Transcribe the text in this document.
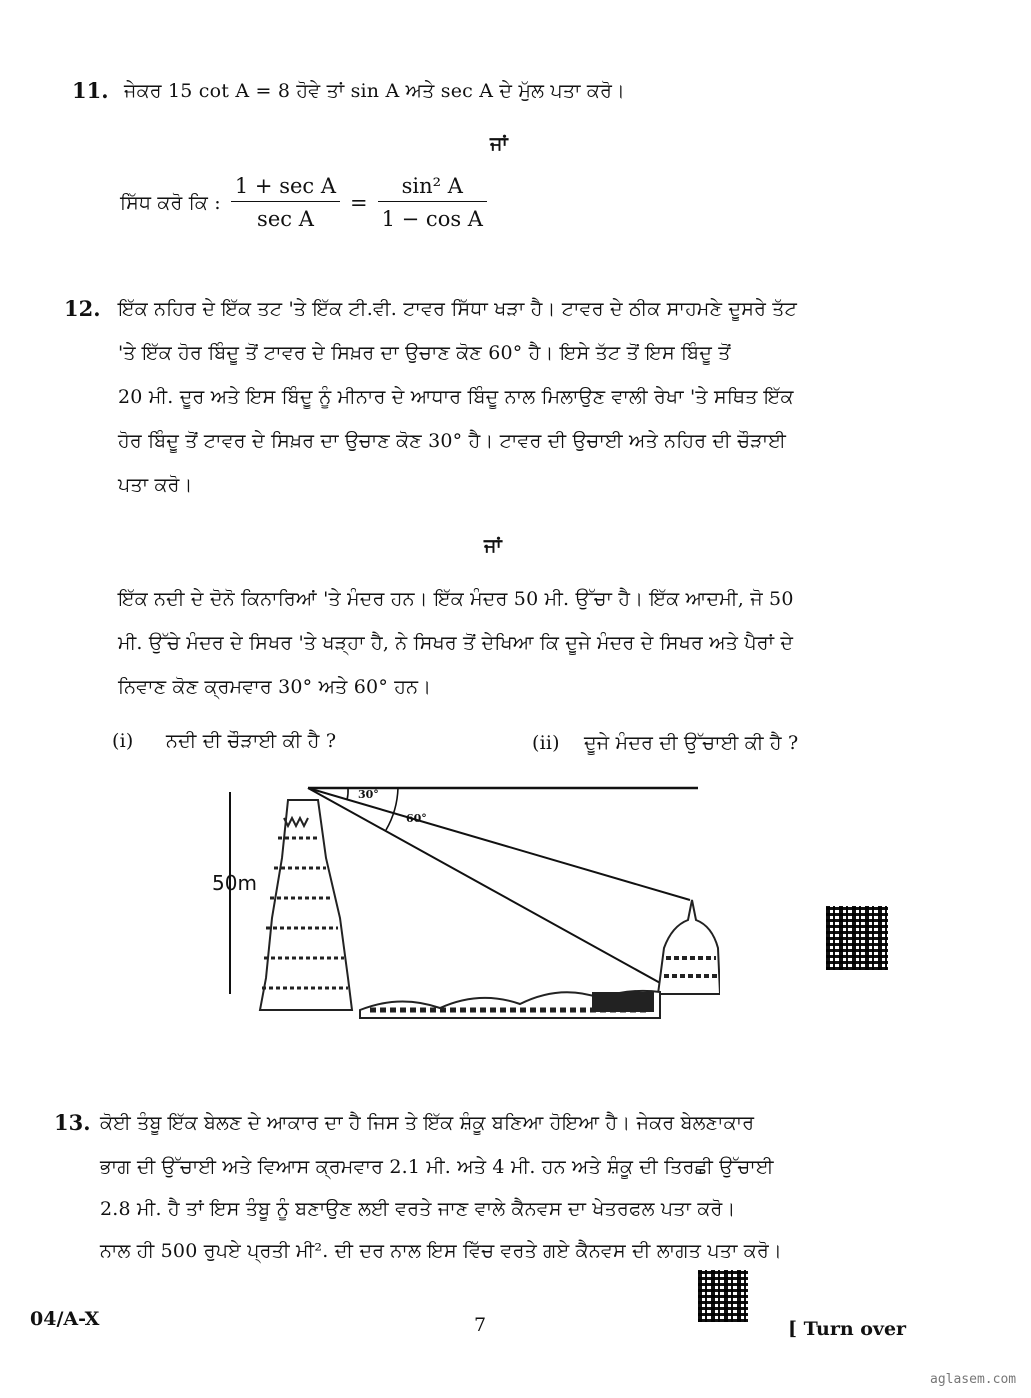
11. ਜੇਕਰ 15 cot A = 8 ਹੋਵੇ ਤਾਂ sin A ਅਤੇ sec A ਦੇ ਮੁੱਲ ਪਤਾ ਕਰੋ।
ਜਾਂ
ਸਿੱਧ ਕਰੋ ਕਿ : $\frac{\text{1 + sec A}}{\text{sec A}} = \frac{\text{sin² A}}{\text{1 − cos A}}$
12. ਇੱਕ ਨਹਿਰ ਦੇ ਇੱਕ ਤਟ 'ਤੇ ਇੱਕ ਟੀ.ਵੀ. ਟਾਵਰ ਸਿੱਧਾ ਖੜਾ ਹੈ। ਟਾਵਰ ਦੇ ਠੀਕ ਸਾਹਮਣੇ ਦੂਸਰੇ ਤੱਟ
'ਤੇ ਇੱਕ ਹੋਰ ਬਿੰਦੂ ਤੋਂ ਟਾਵਰ ਦੇ ਸਿਖ਼ਰ ਦਾ ਉਚਾਣ ਕੋਣ 60° ਹੈ। ਇਸੇ ਤੱਟ ਤੋਂ ਇਸ ਬਿੰਦੂ ਤੋਂ
20 ਮੀ. ਦੂਰ ਅਤੇ ਇਸ ਬਿੰਦੂ ਨੂੰ ਮੀਨਾਰ ਦੇ ਆਧਾਰ ਬਿੰਦੂ ਨਾਲ ਮਿਲਾਉਣ ਵਾਲੀ ਰੇਖਾ 'ਤੇ ਸਥਿਤ ਇੱਕ
ਹੋਰ ਬਿੰਦੂ ਤੋਂ ਟਾਵਰ ਦੇ ਸਿਖ਼ਰ ਦਾ ਉਚਾਣ ਕੋਣ 30° ਹੈ। ਟਾਵਰ ਦੀ ਉਚਾਈ ਅਤੇ ਨਹਿਰ ਦੀ ਚੌੜਾਈ
ਪਤਾ ਕਰੋ।
ਜਾਂ
ਇੱਕ ਨਦੀ ਦੇ ਦੋਨੋ ਕਿਨਾਰਿਆਂ 'ਤੇ ਮੰਦਰ ਹਨ। ਇੱਕ ਮੰਦਰ 50 ਮੀ. ਉੱਚਾ ਹੈ। ਇੱਕ ਆਦਮੀ, ਜੋ 50
ਮੀ. ਉੱਚੇ ਮੰਦਰ ਦੇ ਸਿਖਰ 'ਤੇ ਖੜ੍ਹਾ ਹੈ, ਨੇ ਸਿਖਰ ਤੋਂ ਦੇਖਿਆ ਕਿ ਦੂਜੇ ਮੰਦਰ ਦੇ ਸਿਖਰ ਅਤੇ ਪੈਰਾਂ ਦੇ
ਨਿਵਾਣ ਕੋਣ ਕ੍ਰਮਵਾਰ 30° ਅਤੇ 60° ਹਨ।
(i) ਨਦੀ ਦੀ ਚੌੜਾਈ ਕੀ ਹੈ ?	(ii) ਦੂਜੇ ਮੰਦਰ ਦੀ ਉੱਚਾਈ ਕੀ ਹੈ ?
50m
30°
60°
13. ਕੋਈ ਤੰਬੂ ਇੱਕ ਬੇਲਣ ਦੇ ਆਕਾਰ ਦਾ ਹੈ ਜਿਸ ਤੇ ਇੱਕ ਸ਼ੰਕੂ ਬਣਿਆ ਹੋਇਆ ਹੈ। ਜੇਕਰ ਬੇਲਣਾਕਾਰ
ਭਾਗ ਦੀ ਉੱਚਾਈ ਅਤੇ ਵਿਆਸ ਕ੍ਰਮਵਾਰ 2.1 ਮੀ. ਅਤੇ 4 ਮੀ. ਹਨ ਅਤੇ ਸ਼ੰਕੂ ਦੀ ਤਿਰਛੀ ਉੱਚਾਈ
2.8 ਮੀ. ਹੈ ਤਾਂ ਇਸ ਤੰਬੂ ਨੂੰ ਬਣਾਉਣ ਲਈ ਵਰਤੇ ਜਾਣ ਵਾਲੇ ਕੈਨਵਸ ਦਾ ਖੇਤਰਫਲ ਪਤਾ ਕਰੋ।
ਨਾਲ ਹੀ 500 ਰੁਪਏ ਪ੍ਰਤੀ ਮੀ². ਦੀ ਦਰ ਨਾਲ ਇਸ ਵਿੱਚ ਵਰਤੇ ਗਏ ਕੈਨਵਸ ਦੀ ਲਾਗਤ ਪਤਾ ਕਰੋ।
04/A-X	7	[ Turn over
aglasem.com
